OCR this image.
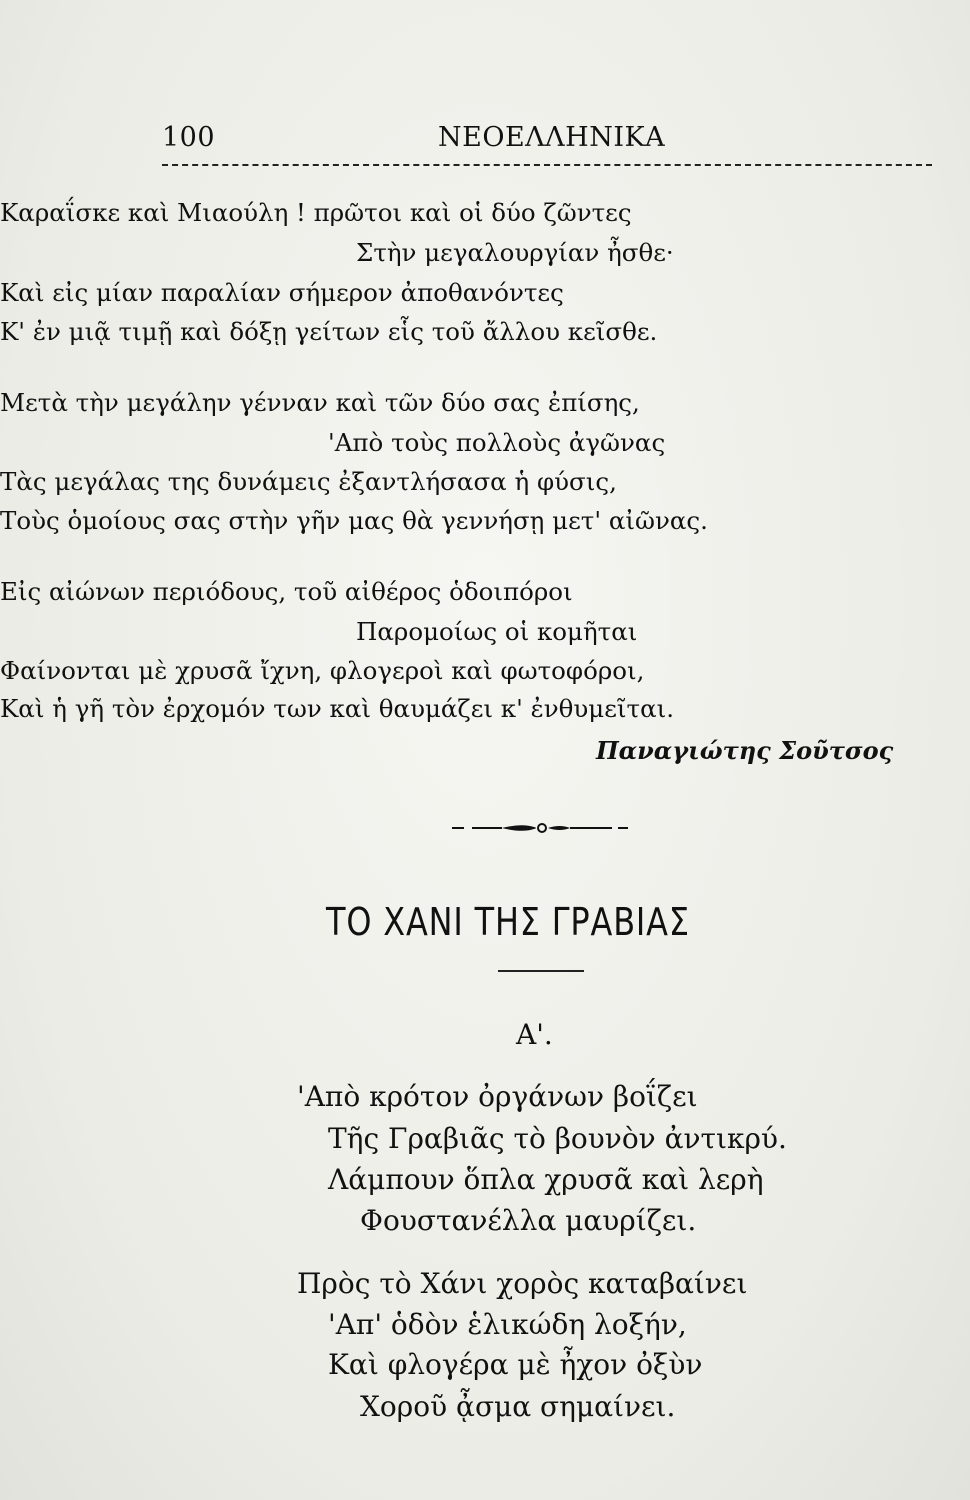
100	ΝΕΟΕΛΛΗΝΙΚΑ
Καραΐσκε καὶ Μιαούλη ! πρῶτοι καὶ οἱ δύο ζῶντες
Στὴν μεγαλουργίαν ἦσθε·
Καὶ εἰς μίαν παραλίαν σήμερον ἀποθανόντες
Κ' ἐν μιᾷ τιμῇ καὶ δόξῃ γείτων εἷς τοῦ ἄλλου κεῖσθε.
Μετὰ τὴν μεγάλην γένναν καὶ τῶν δύο σας ἐπίσης,
'Απὸ τοὺς πολλοὺς ἀγῶνας
Τὰς μεγάλας της δυνάμεις ἐξαντλήσασα ἡ φύσις,
Τοὺς ὁμοίους σας στὴν γῆν μας θὰ γεννήσῃ μετ' αἰῶνας.
Εἰς αἰώνων περιόδους, τοῦ αἰθέρος ὁδοιπόροι
Παρομοίως οἱ κομῆται
Φαίνονται μὲ χρυσᾶ ἴχνη, φλογεροὶ καὶ φωτοφόροι,
Καὶ ἡ γῆ τὸν ἐρχομόν των καὶ θαυμάζει κ' ἐνθυμεῖται.
Παναγιώτης Σοῦτσος
ΤΟ ΧΑΝΙ ΤΗΣ ΓΡΑΒΙΑΣ
Α'.
'Απὸ κρότον ὀργάνων βοΐζει
Τῆς Γραβιᾶς τὸ βουνὸν ἀντικρύ.
Λάμπουν ὅπλα χρυσᾶ καὶ λερὴ
Φουστανέλλα μαυρίζει.
Πρὸς τὸ Χάνι χορὸς καταβαίνει
'Απ' ὁδὸν ἑλικώδη λοξήν,
Καὶ φλογέρα μὲ ἦχον ὀξὺν
Χοροῦ ᾆσμα σημαίνει.
